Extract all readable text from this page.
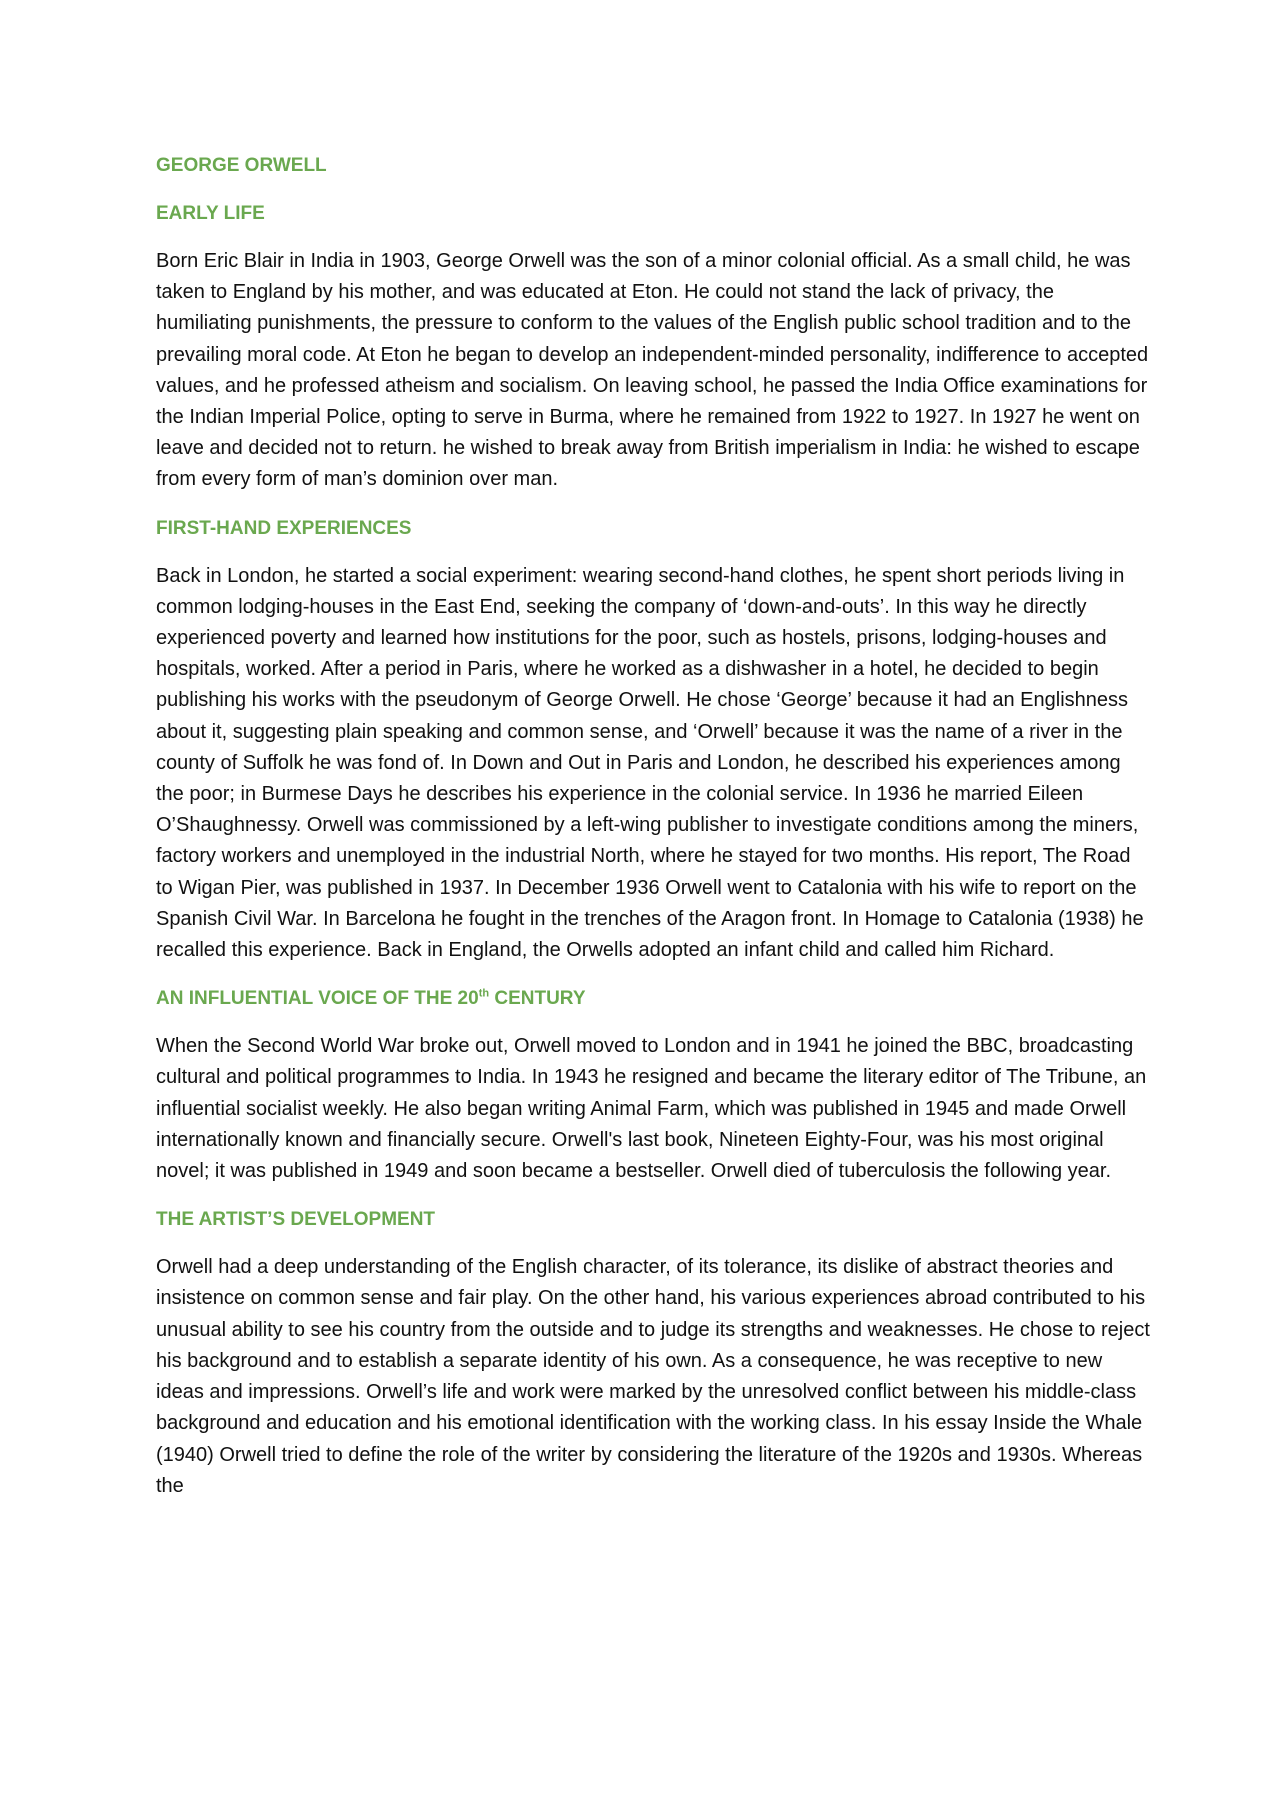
GEORGE ORWELL
EARLY LIFE

Born Eric Blair in India in 1903, George Orwell was the son of a minor colonial official. As a small child, he was taken to England by his mother, and was educated at Eton. He could not stand the lack of privacy, the humiliating punishments, the pressure to conform to the values of the English public school tradition and to the prevailing moral code. At Eton he began to develop an independent-minded personality, indifference to accepted values, and he professed atheism and socialism. On leaving school, he passed the India Office examinations for the Indian Imperial Police, opting to serve in Burma, where he remained from 1922 to 1927. In 1927 he went on leave and decided not to return. he wished to break away from British imperialism in India: he wished to escape from every form of man’s dominion over man.

FIRST-HAND EXPERIENCES

Back in London, he started a social experiment: wearing second-hand clothes, he spent short periods living in common lodging-houses in the East End, seeking the company of ‘down-and-outs’. In this way he directly experienced poverty and learned how institutions for the poor, such as hostels, prisons, lodging-houses and hospitals, worked. After a period in Paris, where he worked as a dishwasher in a hotel, he decided to begin publishing his works with the pseudonym of George Orwell. He chose ‘George’ because it had an Englishness about it, suggesting plain speaking and common sense, and ‘Orwell’ because it was the name of a river in the county of Suffolk he was fond of. In Down and Out in Paris and London, he described his experiences among the poor; in Burmese Days he describes his experience in the colonial service. In 1936 he married Eileen O’Shaughnessy. Orwell was commissioned by a left-wing publisher to investigate conditions among the miners, factory workers and unemployed in the industrial North, where he stayed for two months. His report, The Road to Wigan Pier, was published in 1937. In December 1936 Orwell went to Catalonia with his wife to report on the Spanish Civil War. In Barcelona he fought in the trenches of the Aragon front. In Homage to Catalonia (1938) he recalled this experience. Back in England, the Orwells adopted an infant child and called him Richard.

AN INFLUENTIAL VOICE OF THE 20th CENTURY

When the Second World War broke out, Orwell moved to London and in 1941 he joined the BBC, broadcasting cultural and political programmes to India. In 1943 he resigned and became the literary editor of The Tribune, an influential socialist weekly. He also began writing Animal Farm, which was published in 1945 and made Orwell internationally known and financially secure. Orwell's last book, Nineteen Eighty-Four, was his most original novel; it was published in 1949 and soon became a bestseller. Orwell died of tuberculosis the following year.

THE ARTIST’S DEVELOPMENT

Orwell had a deep understanding of the English character, of its tolerance, its dislike of abstract theories and insistence on common sense and fair play. On the other hand, his various experiences abroad contributed to his unusual ability to see his country from the outside and to judge its strengths and weaknesses. He chose to reject his background and to establish a separate identity of his own. As a consequence, he was receptive to new ideas and impressions. Orwell’s life and work were marked by the unresolved conflict between his middle-class background and education and his emotional identification with the working class. In his essay Inside the Whale (1940) Orwell tried to define the role of the writer by considering the literature of the 1920s and 1930s. Whereas the
